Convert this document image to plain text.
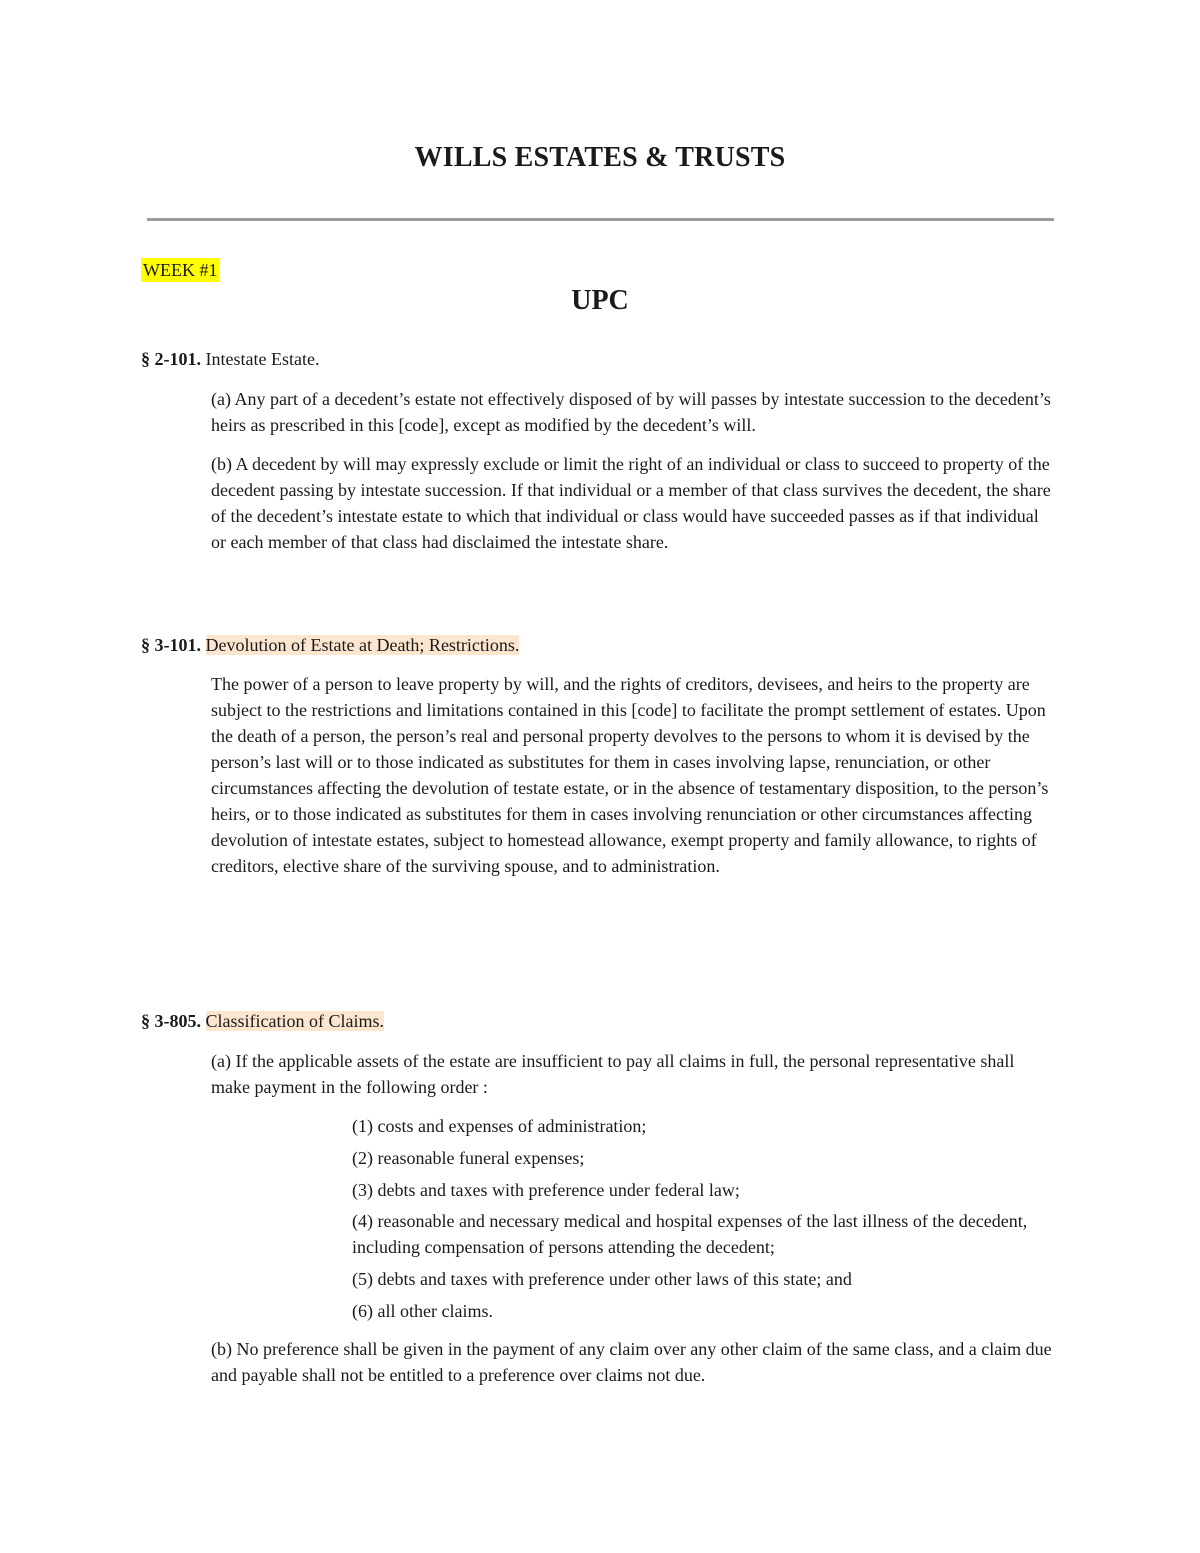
WILLS ESTATES & TRUSTS
WEEK #1
UPC
§ 2-101. Intestate Estate.

(a) Any part of a decedent’s estate not effectively disposed of by will passes by intestate succession to the decedent’s heirs as prescribed in this [code], except as modified by the decedent’s will.

(b) A decedent by will may expressly exclude or limit the right of an individual or class to succeed to property of the decedent passing by intestate succession. If that individual or a member of that class survives the decedent, the share of the decedent’s intestate estate to which that individual or class would have succeeded passes as if that individual or each member of that class had disclaimed the intestate share.

§ 3-101. Devolution of Estate at Death; Restrictions.

The power of a person to leave property by will, and the rights of creditors, devisees, and heirs to the property are subject to the restrictions and limitations contained in this [code] to facilitate the prompt settlement of estates. Upon the death of a person, the person’s real and personal property devolves to the persons to whom it is devised by the person’s last will or to those indicated as substitutes for them in cases involving lapse, renunciation, or other circumstances affecting the devolution of testate estate, or in the absence of testamentary disposition, to the person’s heirs, or to those indicated as substitutes for them in cases involving renunciation or other circumstances affecting devolution of intestate estates, subject to homestead allowance, exempt property and family allowance, to rights of creditors, elective share of the surviving spouse, and to administration.

§ 3-805. Classification of Claims.

(a) If the applicable assets of the estate are insufficient to pay all claims in full, the personal representative shall make payment in the following order :

(1) costs and expenses of administration;

(2) reasonable funeral expenses;

(3) debts and taxes with preference under federal law;

(4) reasonable and necessary medical and hospital expenses of the last illness of the decedent, including compensation of persons attending the decedent;

(5) debts and taxes with preference under other laws of this state; and

(6) all other claims.

(b) No preference shall be given in the payment of any claim over any other claim of the same class, and a claim due and payable shall not be entitled to a preference over claims not due.
